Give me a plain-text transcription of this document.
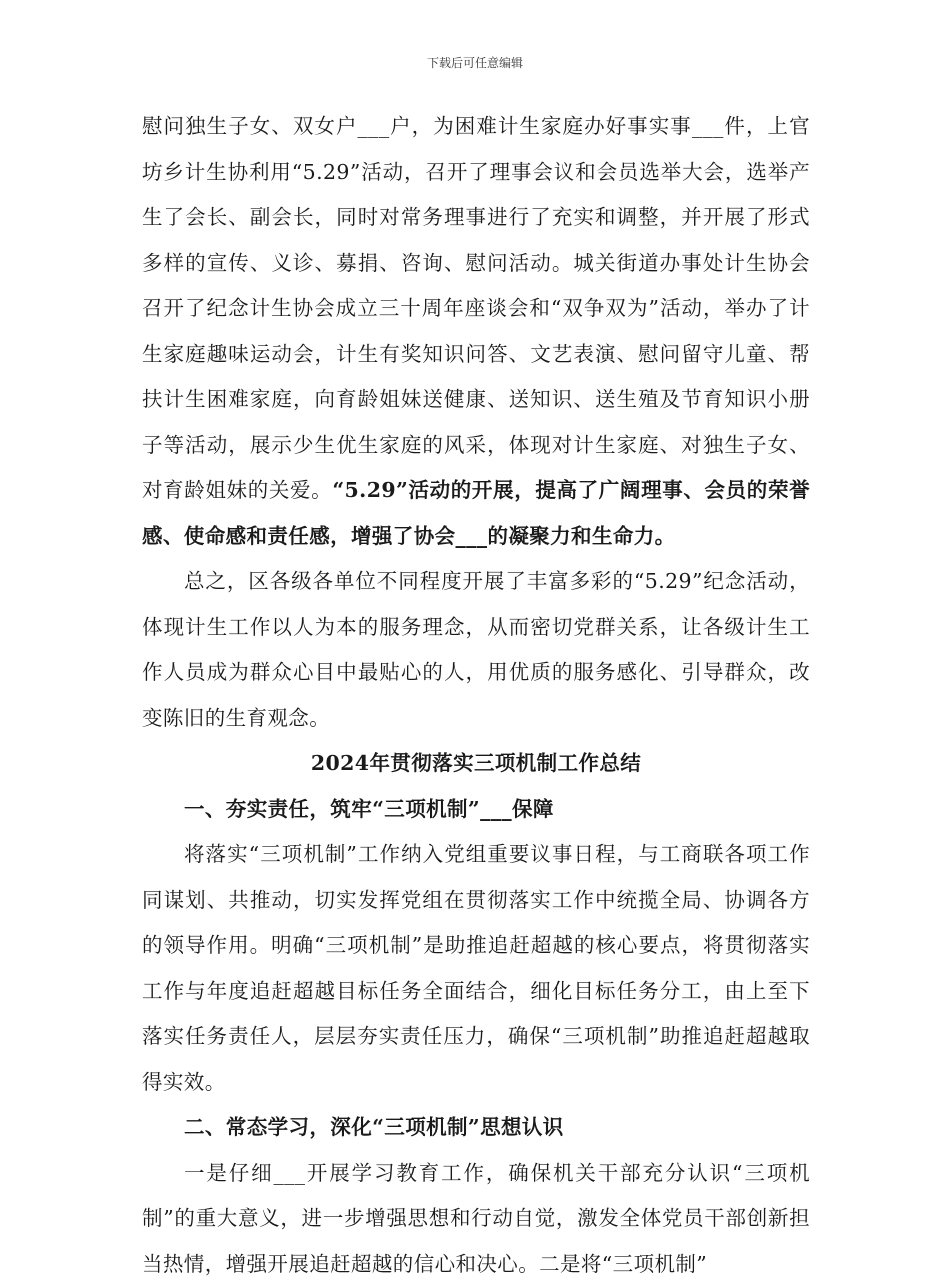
下载后可任意编辑

慰问独生子女、双女户___户，为困难计生家庭办好事实事___件，上官坊乡计生协利用“5.29”活动，召开了理事会议和会员选举大会，选举产生了会长、副会长，同时对常务理事进行了充实和调整，并开展了形式多样的宣传、义诊、募捐、咨询、慰问活动。城关街道办事处计生协会召开了纪念计生协会成立三十周年座谈会和“双争双为”活动，举办了计生家庭趣味运动会，计生有奖知识问答、文艺表演、慰问留守儿童、帮扶计生困难家庭，向育龄姐妹送健康、送知识、送生殖及节育知识小册子等活动，展示少生优生家庭的风采，体现对计生家庭、对独生子女、对育龄姐妹的关爱。“5.29”活动的开展，提高了广阔理事、会员的荣誉感、使命感和责任感，增强了协会___的凝聚力和生命力。

总之，区各级各单位不同程度开展了丰富多彩的“5.29”纪念活动，体现计生工作以人为本的服务理念，从而密切党群关系，让各级计生工作人员成为群众心目中最贴心的人，用优质的服务感化、引导群众，改变陈旧的生育观念。

2024年贯彻落实三项机制工作总结

一、夯实责任，筑牢“三项机制”___保障

将落实“三项机制”工作纳入党组重要议事日程，与工商联各项工作同谋划、共推动，切实发挥党组在贯彻落实工作中统揽全局、协调各方的领导作用。明确“三项机制”是助推追赶超越的核心要点，将贯彻落实工作与年度追赶超越目标任务全面结合，细化目标任务分工，由上至下落实任务责任人，层层夯实责任压力，确保“三项机制”助推追赶超越取得实效。

二、常态学习，深化“三项机制”思想认识

一是仔细___开展学习教育工作，确保机关干部充分认识“三项机制”的重大意义，进一步增强思想和行动自觉，激发全体党员干部创新担当热情，增强开展追赶超越的信心和决心。二是将“三项机制”
